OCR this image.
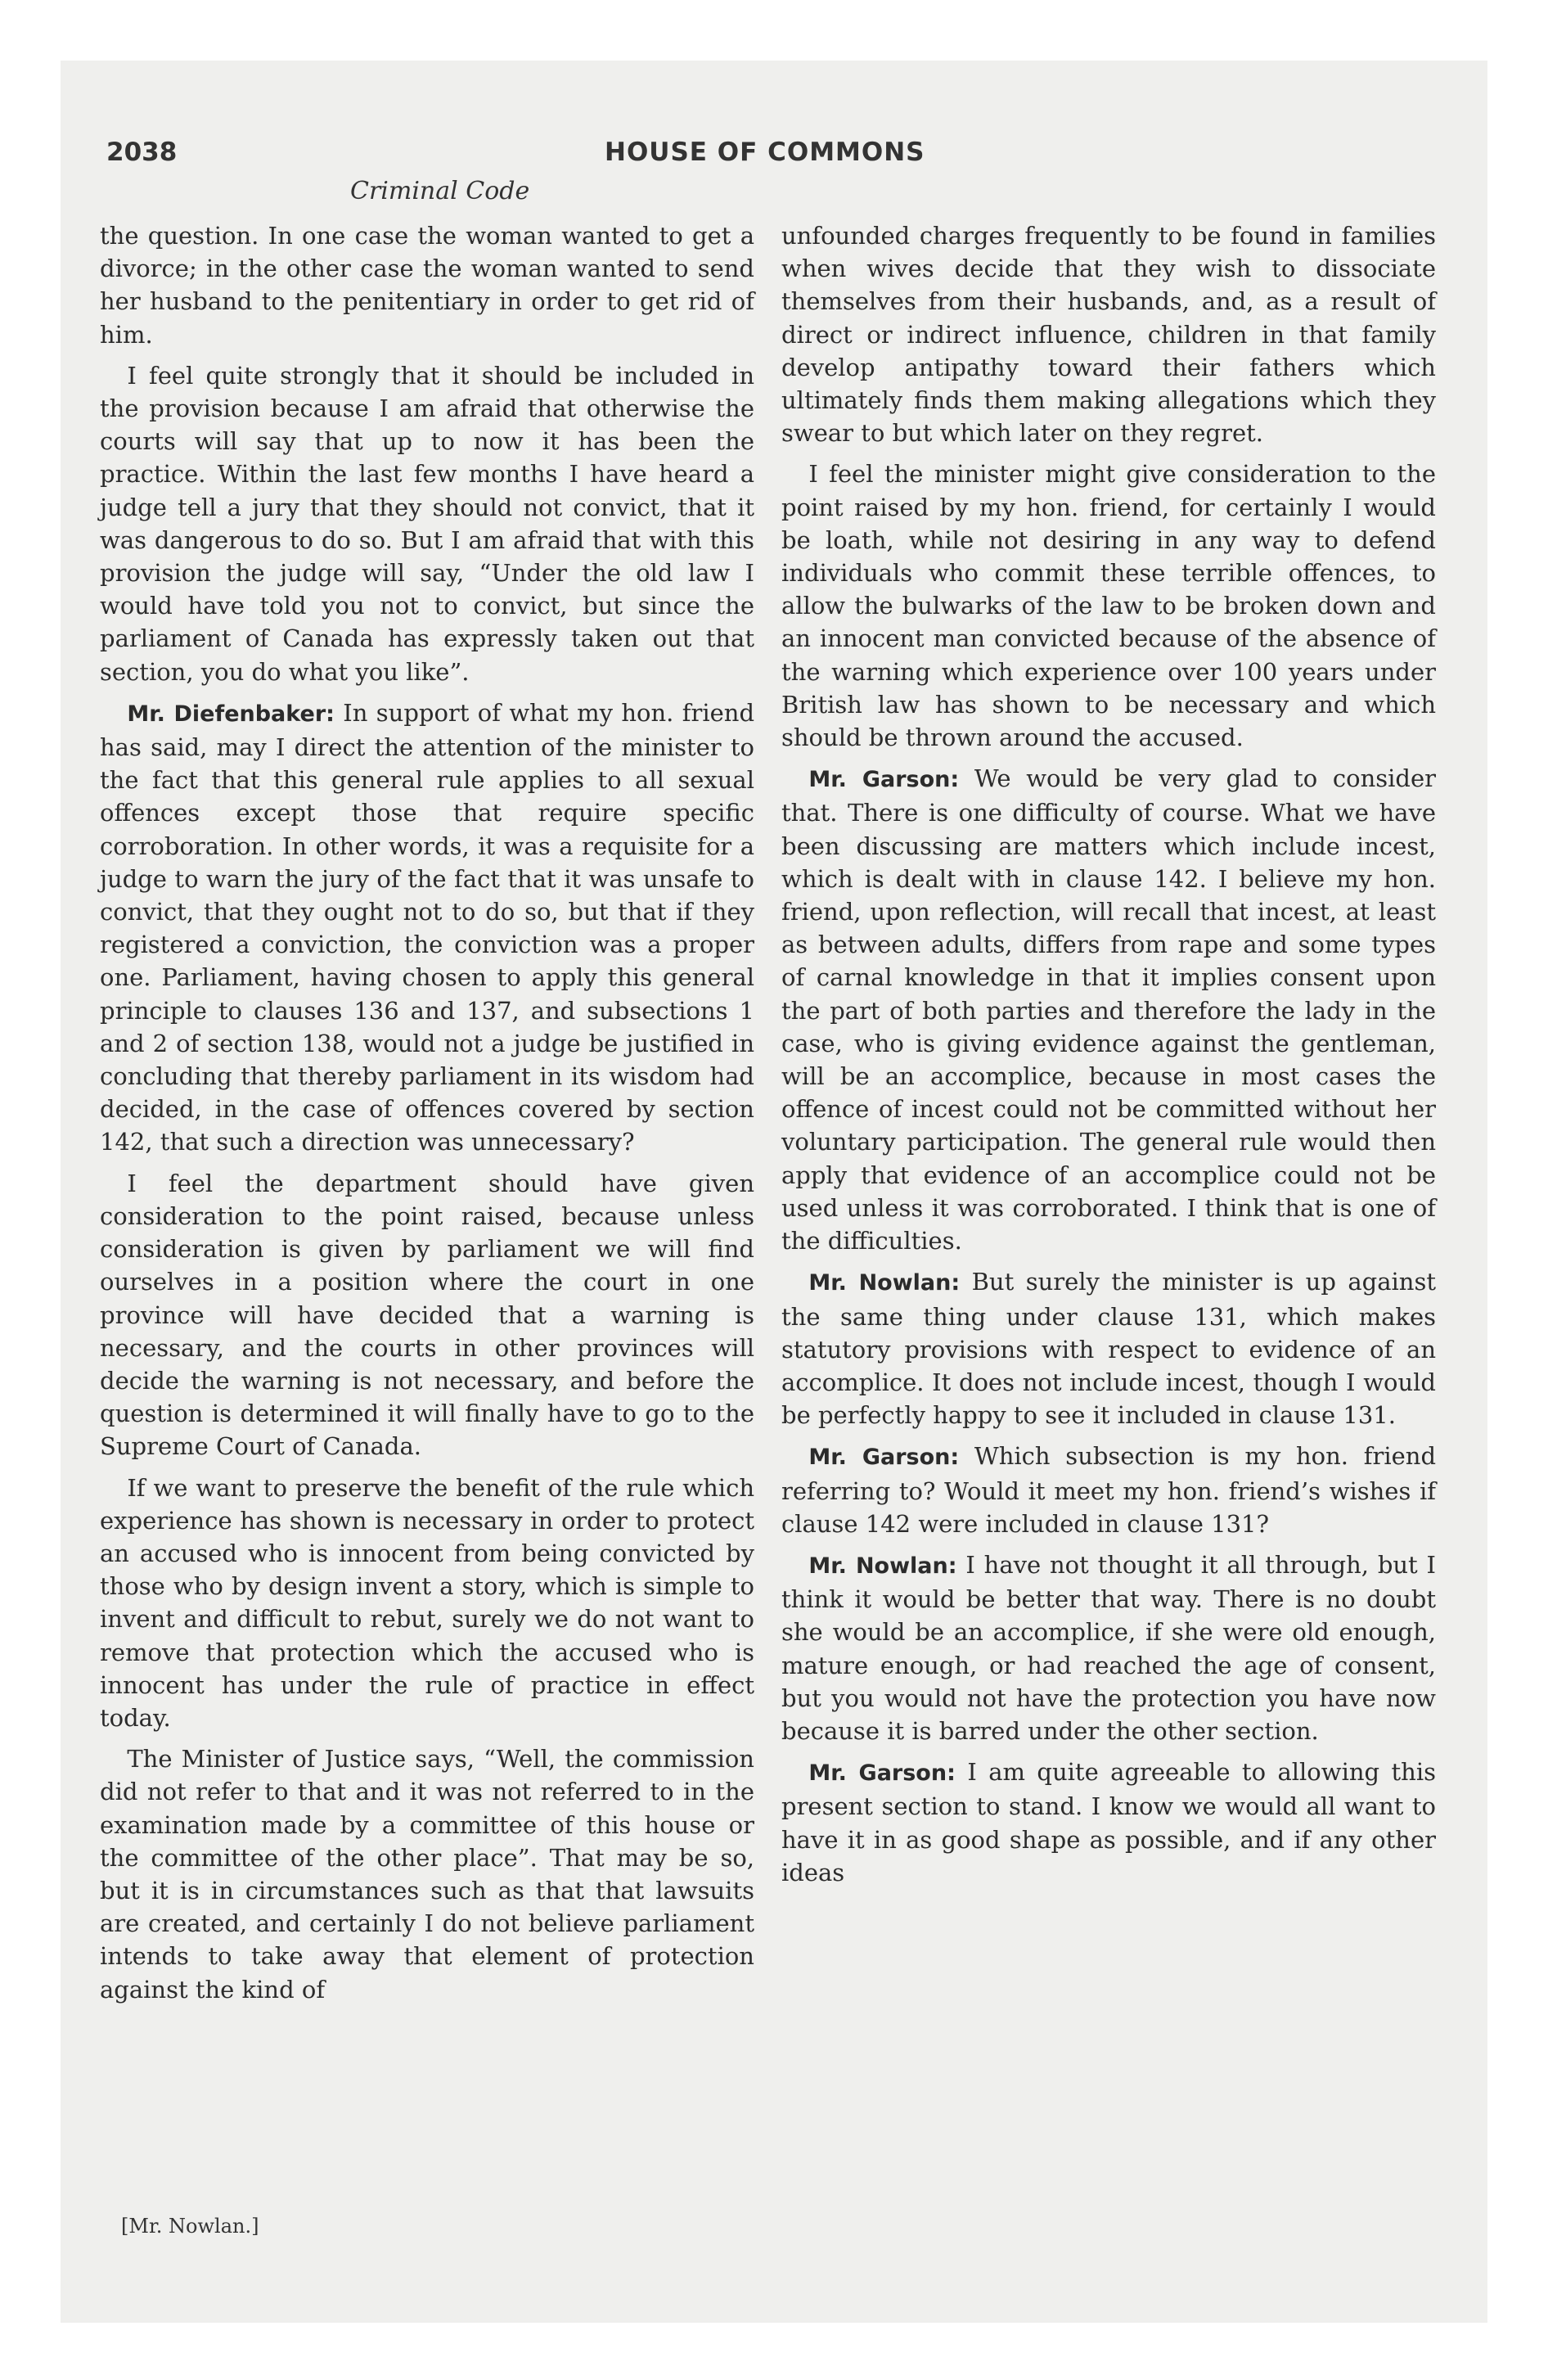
2038	HOUSE OF COMMONS
Criminal Code

the question. In one case the woman wanted to get a divorce; in the other case the woman wanted to send her husband to the penitentiary in order to get rid of him.

I feel quite strongly that it should be included in the provision because I am afraid that otherwise the courts will say that up to now it has been the practice. Within the last few months I have heard a judge tell a jury that they should not convict, that it was dangerous to do so. But I am afraid that with this provision the judge will say, “Under the old law I would have told you not to convict, but since the parliament of Canada has expressly taken out that section, you do what you like”.

Mr. Diefenbaker: In support of what my hon. friend has said, may I direct the attention of the minister to the fact that this general rule applies to all sexual offences except those that require specific corroboration. In other words, it was a requisite for a judge to warn the jury of the fact that it was unsafe to convict, that they ought not to do so, but that if they registered a conviction, the conviction was a proper one. Parliament, having chosen to apply this general principle to clauses 136 and 137, and subsections 1 and 2 of section 138, would not a judge be justified in concluding that thereby parliament in its wisdom had decided, in the case of offences covered by section 142, that such a direction was unnecessary?

I feel the department should have given consideration to the point raised, because unless consideration is given by parliament we will find ourselves in a position where the court in one province will have decided that a warning is necessary, and the courts in other provinces will decide the warning is not necessary, and before the question is determined it will finally have to go to the Supreme Court of Canada.

If we want to preserve the benefit of the rule which experience has shown is necessary in order to protect an accused who is innocent from being convicted by those who by design invent a story, which is simple to invent and difficult to rebut, surely we do not want to remove that protection which the accused who is innocent has under the rule of practice in effect today.

The Minister of Justice says, “Well, the commission did not refer to that and it was not referred to in the examination made by a committee of this house or the committee of the other place”. That may be so, but it is in circumstances such as that that lawsuits are created, and certainly I do not believe parliament intends to take away that element of protection against the kind of

unfounded charges frequently to be found in families when wives decide that they wish to dissociate themselves from their husbands, and, as a result of direct or indirect influence, children in that family develop antipathy toward their fathers which ultimately finds them making allegations which they swear to but which later on they regret.

I feel the minister might give consideration to the point raised by my hon. friend, for certainly I would be loath, while not desiring in any way to defend individuals who commit these terrible offences, to allow the bulwarks of the law to be broken down and an innocent man convicted because of the absence of the warning which experience over 100 years under British law has shown to be necessary and which should be thrown around the accused.

Mr. Garson: We would be very glad to consider that. There is one difficulty of course. What we have been discussing are matters which include incest, which is dealt with in clause 142. I believe my hon. friend, upon reflection, will recall that incest, at least as between adults, differs from rape and some types of carnal knowledge in that it implies consent upon the part of both parties and therefore the lady in the case, who is giving evidence against the gentleman, will be an accomplice, because in most cases the offence of incest could not be committed without her voluntary participation. The general rule would then apply that evidence of an accomplice could not be used unless it was corroborated. I think that is one of the difficulties.

Mr. Nowlan: But surely the minister is up against the same thing under clause 131, which makes statutory provisions with respect to evidence of an accomplice. It does not include incest, though I would be perfectly happy to see it included in clause 131.

Mr. Garson: Which subsection is my hon. friend referring to? Would it meet my hon. friend’s wishes if clause 142 were included in clause 131?

Mr. Nowlan: I have not thought it all through, but I think it would be better that way. There is no doubt she would be an accomplice, if she were old enough, mature enough, or had reached the age of consent, but you would not have the protection you have now because it is barred under the other section.

Mr. Garson: I am quite agreeable to allowing this present section to stand. I know we would all want to have it in as good shape as possible, and if any other ideas

[Mr. Nowlan.]
